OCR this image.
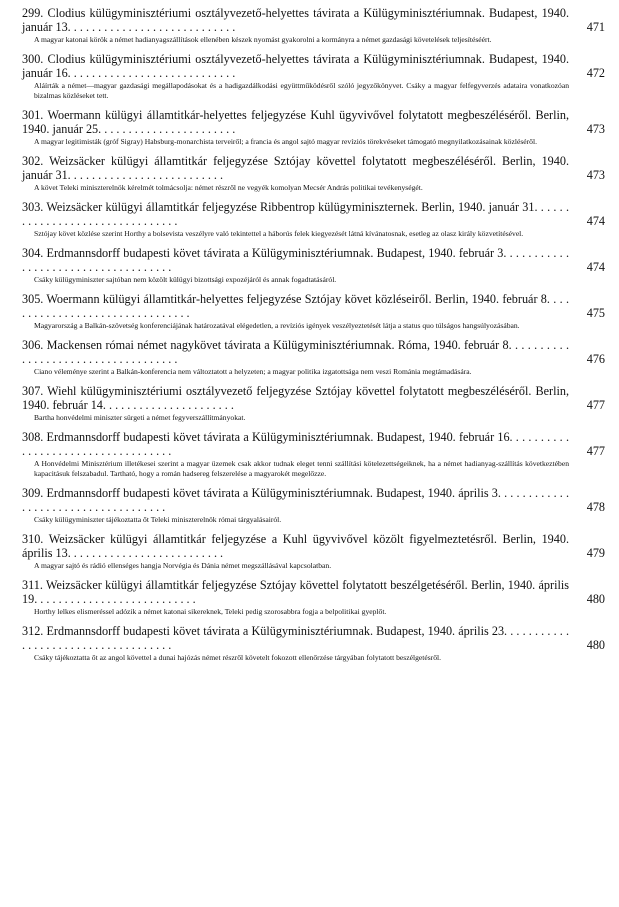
299. Clodius külügyminisztériumi osztályvezető-helyettes távirata a Külügyminisztériumnak. Budapest, 1940. január 13. . . . . . . . . . . . . . . . . . . . . . . . . . . .	471
A magyar katonai körök a német hadianyagszállítások ellenében készek nyomást gyakorolni a kormányra a német gazdasági követelések teljesítéséért.
300. Clodius külügyminisztériumi osztályvezető-helyettes távirata a Külügyminisztériumnak. Budapest, 1940. január 16. . . . . . . . . . . . . . . . . . . . . . . . . . . .	472
Aláírták a német—magyar gazdasági megállapodásokat és a hadigazdálkodási együttműködésről szóló jegyzőkönyvet. Csáky a magyar felfegyverzés adataira vonatkozóan bizalmas közléseket tett.
301. Woermann külügyi államtitkár-helyettes feljegyzése Kuhl ügyvivővel folytatott megbeszéléséről. Berlin, 1940. január 25. . . . . . . . . . . . . . . . . . . . . . .	473
A magyar legitimisták (gróf Sigray) Habsburg-monarchista terveiről; a francia és angol sajtó magyar revíziós törekvéseket támogató megnyilatkozásainak közléséről.
302. Weizsäcker külügyi államtitkár feljegyzése Sztójay követtel folytatott megbeszéléséről. Berlin, 1940. január 31. . . . . . . . . . . . . . . . . . . . . . . . . .	473
A követ Teleki miniszterelnök kérelmét tolmácsolja: német részről ne vegyék komolyan Mecsér András politikai tevékenységét.
303. Weizsäcker külügyi államtitkár feljegyzése Ribbentrop külügyminiszternek. Berlin, 1940. január 31. . . . . . . . . . . . . . . . . . . . . . . . . . . . . . . .	474
Sztójay követ közlése szerint Horthy a bolsevista veszélyre való tekintettel a háborús felek kiegyezését látná kívánatosnak, esetleg az olasz király közvetítésével.
304. Erdmannsdorff budapesti követ távirata a Külügyminisztériumnak. Budapest, 1940. február 3. . . . . . . . . . . . . . . . . . . . . . . . . . . . . . . . . . . .	474
Csáky külügyminiszter sajtóban nem közölt külügyi bizottsági expozéjáról és annak fogadtatásáról.
305. Woermann külügyi államtitkár-helyettes feljegyzése Sztójay követ közléseiről. Berlin, 1940. február 8. . . . . . . . . . . . . . . . . . . . . . . . . . . . . . . .	475
Magyarország a Balkán-szövetség konferenciájának határozatával elégedetlen, a revíziós igények veszélyeztetését látja a status quo túlságos hangsúlyozásában.
306. Mackensen római német nagykövet távirata a Külügyminisztériumnak. Róma, 1940. február 8. . . . . . . . . . . . . . . . . . . . . . . . . . . . . . . . . . . .	476
Ciano véleménye szerint a Balkán-konferencia nem változtatott a helyzeten; a magyar politika izgatottsága nem veszi Románia megtámadására.
307. Wiehl külügyminisztériumi osztályvezető feljegyzése Sztójay követtel folytatott megbeszéléséről. Berlin, 1940. február 14. . . . . . . . . . . . . . . . . . . . . .	477
Bartha honvédelmi miniszter sürgeti a német fegyverszállítmányokat.
308. Erdmannsdorff budapesti követ távirata a Külügyminisztériumnak. Budapest, 1940. február 16. . . . . . . . . . . . . . . . . . . . . . . . . . . . . . . . . . .	477
A Honvédelmi Minisztérium illetékesei szerint a magyar üzemek csak akkor tudnak eleget tenni szállítási kötelezettségeiknek, ha a német hadianyag-szállítás következtében kapacitásuk felszabadul. Tartható, hogy a román hadsereg felszerelése a magyarokét megelőzze.
309. Erdmannsdorff budapesti követ távirata a Külügyminisztériumnak. Budapest, 1940. április 3. . . . . . . . . . . . . . . . . . . . . . . . . . . . . . . . . . . .	478
Csáky külügyminiszter tájékoztatta őt Teleki miniszterelnök római tárgyalásairól.
310. Weizsäcker külügyi államtitkár feljegyzése a Kuhl ügyvivővel közölt figyelmeztetésről. Berlin, 1940. április 13. . . . . . . . . . . . . . . . . . . . . . . . . .	479
A magyar sajtó és rádió ellenséges hangja Norvégia és Dánia német megszállásával kapcsolatban.
311. Weizsäcker külügyi államtitkár feljegyzése Sztójay követtel folytatott beszélgetéséről. Berlin, 1940. április 19. . . . . . . . . . . . . . . . . . . . . . . . . . .	480
Horthy lelkes elismeréssel adózik a német katonai sikereknek, Teleki pedig szorosabbra fogja a belpolitikai gyeplőt.
312. Erdmannsdorff budapesti követ távirata a Külügyminisztériumnak. Budapest, 1940. április 23. . . . . . . . . . . . . . . . . . . . . . . . . . . . . . . . . . . .	480
Csáky tájékoztatta őt az angol követtel a dunai hajózás német részről követelt fokozott ellenőrzése tárgyában folytatott beszélgetésről.
